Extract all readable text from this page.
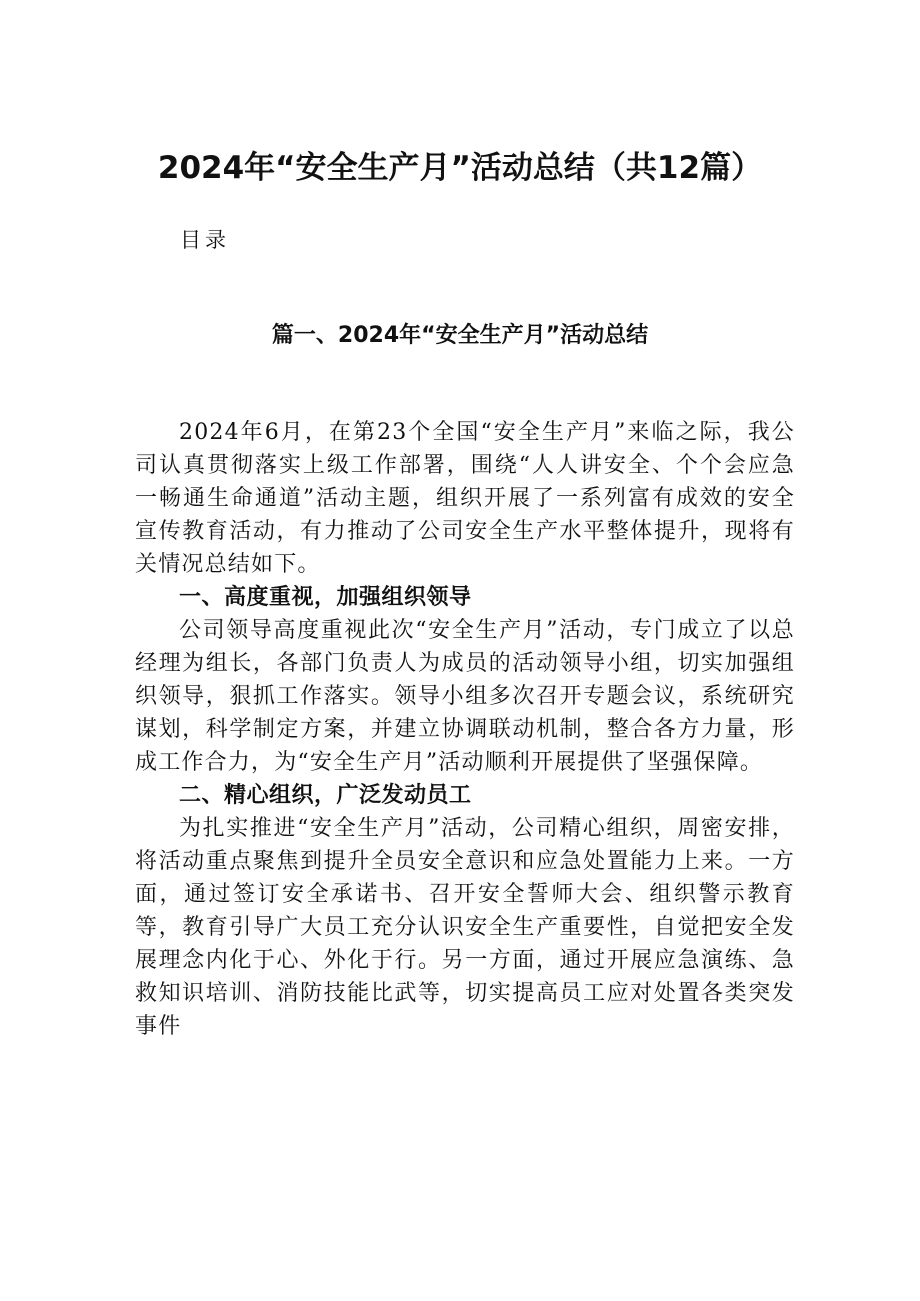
2024年“安全生产月”活动总结（共12篇）

目录

篇一、2024年“安全生产月”活动总结

2024年6月，在第23个全国“安全生产月”来临之际，我公司认真贯彻落实上级工作部署，围绕“人人讲安全、个个会应急一畅通生命通道”活动主题，组织开展了一系列富有成效的安全宣传教育活动，有力推动了公司安全生产水平整体提升，现将有关情况总结如下。

一、高度重视，加强组织领导

公司领导高度重视此次“安全生产月”活动，专门成立了以总经理为组长，各部门负责人为成员的活动领导小组，切实加强组织领导，狠抓工作落实。领导小组多次召开专题会议，系统研究谋划，科学制定方案，并建立协调联动机制，整合各方力量，形成工作合力，为“安全生产月”活动顺利开展提供了坚强保障。

二、精心组织，广泛发动员工

为扎实推进“安全生产月”活动，公司精心组织，周密安排，将活动重点聚焦到提升全员安全意识和应急处置能力上来。一方面，通过签订安全承诺书、召开安全誓师大会、组织警示教育等，教育引导广大员工充分认识安全生产重要性，自觉把安全发展理念内化于心、外化于行。另一方面，通过开展应急演练、急救知识培训、消防技能比武等，切实提高员工应对处置各类突发事件
